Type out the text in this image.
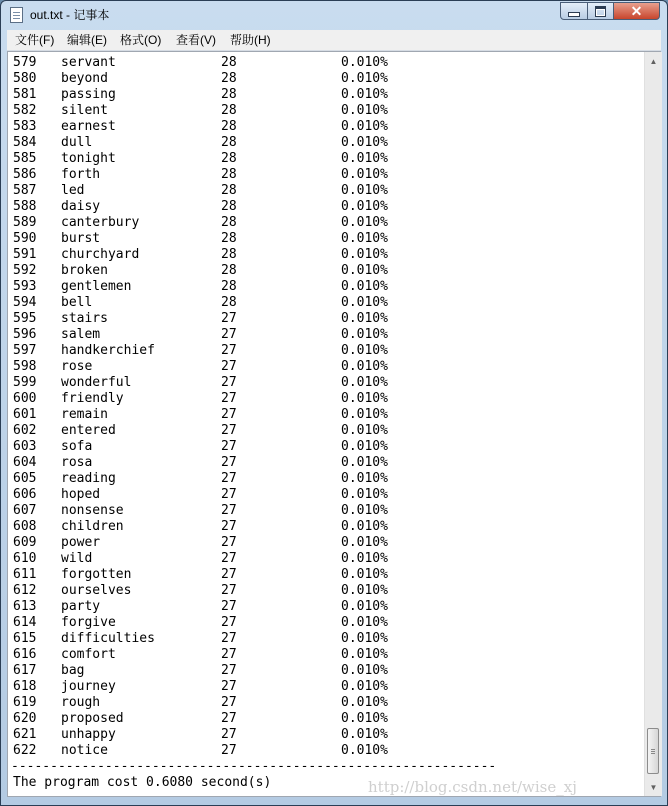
out.txt - 记事本	✕
文件(F) 编辑(E) 格式(O) 查看(V) 帮助(H)
579 servant	28	0.010%
580 beyond	28	0.010%
581 passing	28	0.010%
582 silent	28	0.010%
583 earnest	28	0.010%
584 dull	28	0.010%
585 tonight	28	0.010%
586 forth	28	0.010%
587 led	28	0.010%
588 daisy	28	0.010%
589 canterbury	28	0.010%
590 burst	28	0.010%
591 churchyard	28	0.010%
592 broken	28	0.010%
593 gentlemen	28	0.010%
594 bell	28	0.010%
595 stairs	27	0.010%
596 salem	27	0.010%
597 handkerchief	27	0.010%
598 rose	27	0.010%
599 wonderful	27	0.010%
600 friendly	27	0.010%
601 remain	27	0.010%
602 entered	27	0.010%
603 sofa	27	0.010%
604 rosa	27	0.010%
605 reading	27	0.010%
606 hoped	27	0.010%
607 nonsense	27	0.010%
608 children	27	0.010%
609 power	27	0.010%
610 wild	27	0.010%
611 forgotten	27	0.010%
612 ourselves	27	0.010%
613 party	27	0.010%
614 forgive	27	0.010%
615 difficulties	27	0.010%
616 comfort	27	0.010%
617 bag	27	0.010%
618 journey	27	0.010%
619 rough	27	0.010%
620 proposed	27	0.010%
621 unhappy	27	0.010%
622 notice	27	0.010%
--------------------------------------------------------------
The program cost 0.6080 second(s)	http://blog.csdn.net/wise_xj
▲
▼
